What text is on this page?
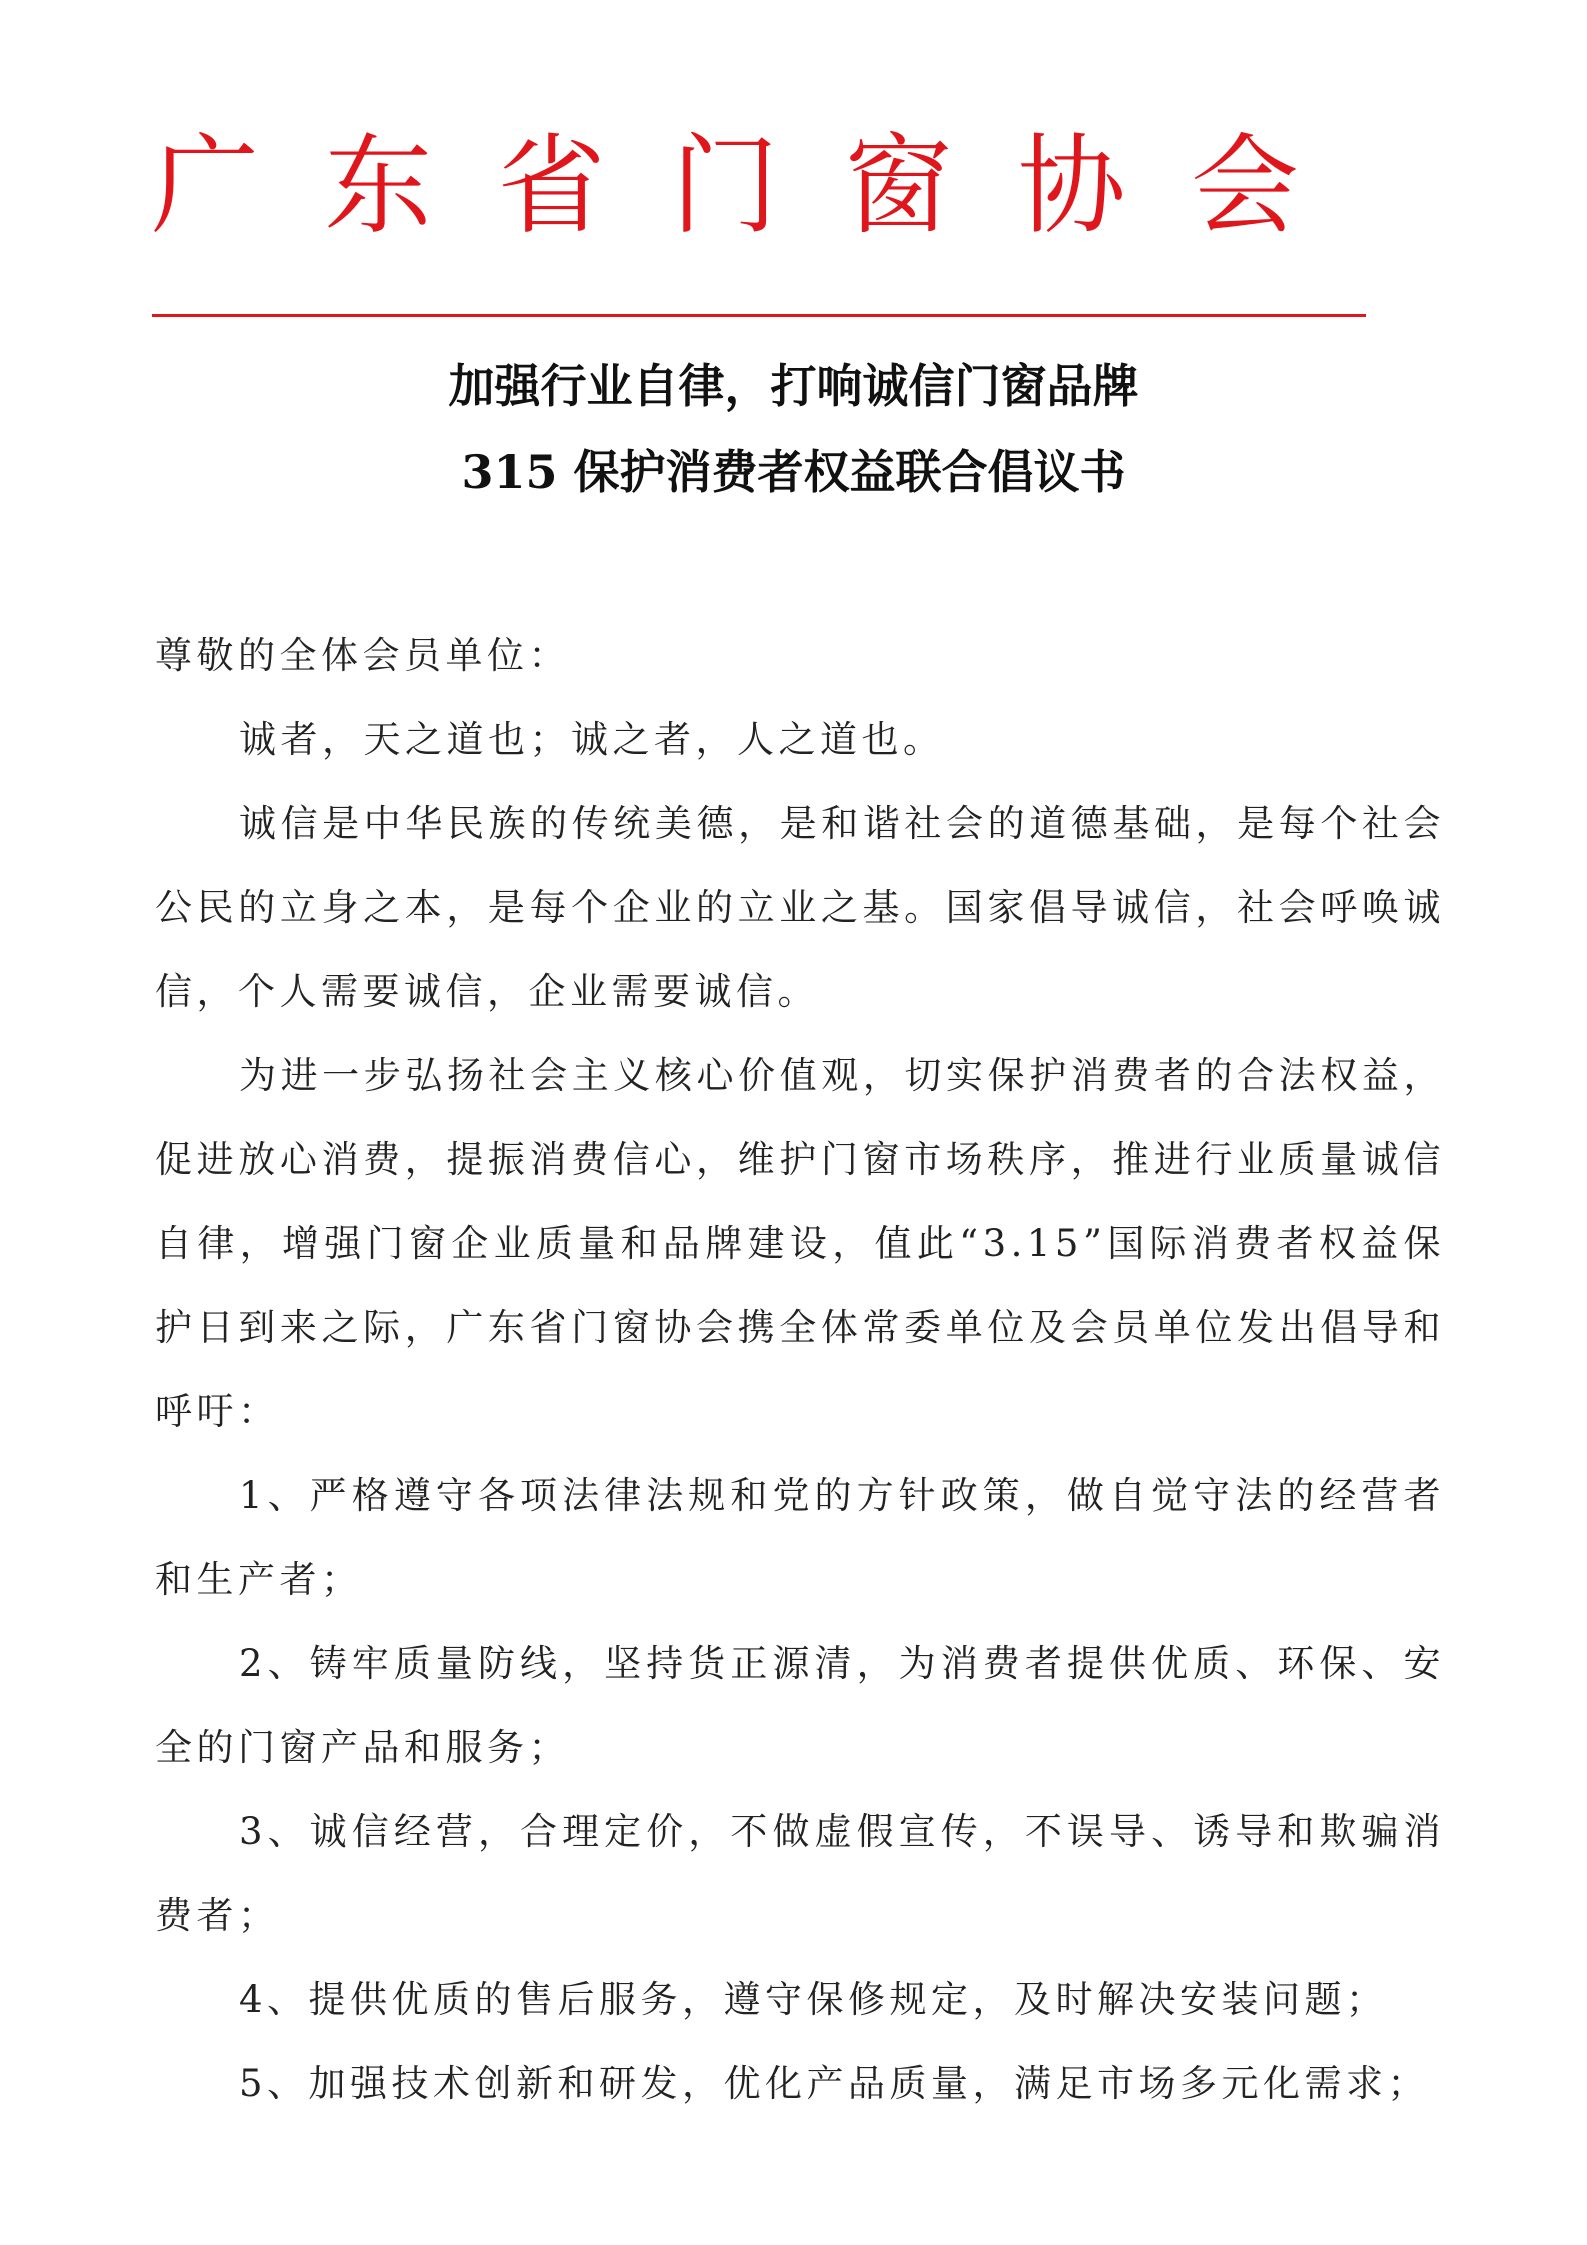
广 东 省 门 窗 协 会
加强行业自律，打响诚信门窗品牌
315 保护消费者权益联合倡议书

尊敬的全体会员单位：

诚者，天之道也；诚之者，人之道也。

诚信是中华民族的传统美德，是和谐社会的道德基础，是每个社会公民的立身之本，是每个企业的立业之基。国家倡导诚信，社会呼唤诚信，个人需要诚信，企业需要诚信。

为进一步弘扬社会主义核心价值观，切实保护消费者的合法权益，促进放心消费，提振消费信心，维护门窗市场秩序，推进行业质量诚信自律，增强门窗企业质量和品牌建设，值此“3.15”国际消费者权益保护日到来之际，广东省门窗协会携全体常委单位及会员单位发出倡导和呼吁：

1、严格遵守各项法律法规和党的方针政策，做自觉守法的经营者和生产者；

2、铸牢质量防线，坚持货正源清，为消费者提供优质、环保、安全的门窗产品和服务；

3、诚信经营，合理定价，不做虚假宣传，不误导、诱导和欺骗消费者；

4、提供优质的售后服务，遵守保修规定，及时解决安装问题；

5、加强技术创新和研发，优化产品质量，满足市场多元化需求；
